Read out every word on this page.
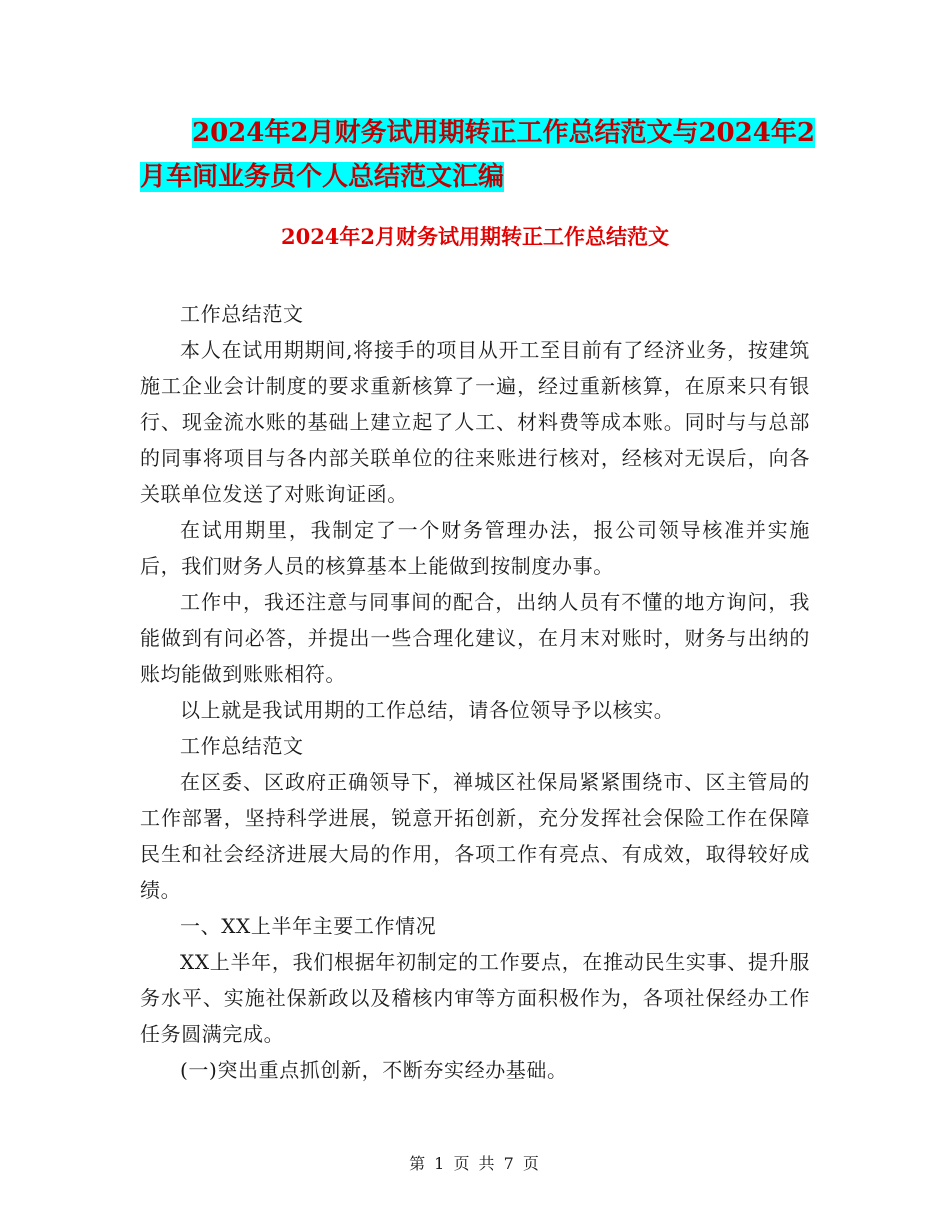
2024年2月财务试用期转正工作总结范文与2024年2
月车间业务员个人总结范文汇编
2024年2月财务试用期转正工作总结范文

工作总结范文

本人在试用期期间,将接手的项目从开工至目前有了经济业务，按建筑施工企业会计制度的要求重新核算了一遍，经过重新核算，在原来只有银行、现金流水账的基础上建立起了人工、材料费等成本账。同时与与总部的同事将项目与各内部关联单位的往来账进行核对，经核对无误后，向各关联单位发送了对账询证函。

在试用期里，我制定了一个财务管理办法，报公司领导核准并实施后，我们财务人员的核算基本上能做到按制度办事。

工作中，我还注意与同事间的配合，出纳人员有不懂的地方询问，我能做到有问必答，并提出一些合理化建议，在月末对账时，财务与出纳的账均能做到账账相符。

以上就是我试用期的工作总结，请各位领导予以核实。

工作总结范文

在区委、区政府正确领导下，禅城区社保局紧紧围绕市、区主管局的工作部署，坚持科学进展，锐意开拓创新，充分发挥社会保险工作在保障民生和社会经济进展大局的作用，各项工作有亮点、有成效，取得较好成绩。

一、XX上半年主要工作情况

XX上半年，我们根据年初制定的工作要点，在推动民生实事、提升服务水平、实施社保新政以及稽核内审等方面积极作为，各项社保经办工作任务圆满完成。

(一)突出重点抓创新，不断夯实经办基础。

第 1 页 共 7 页
